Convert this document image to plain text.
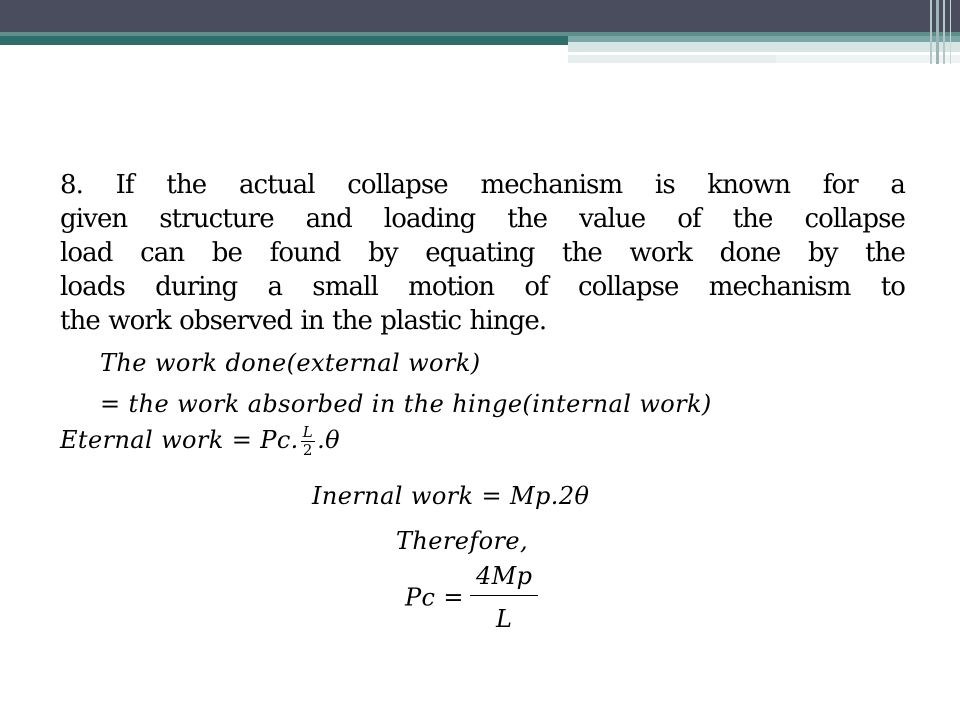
8. If the actual collapse mechanism is known for a
given structure and loading the value of the collapse
load can be found by equating the work done by the
loads during a small motion of collapse mechanism to
the work observed in the plastic hinge.
The work done(external work)
= the work absorbed in the hinge(internal work)
Eternal work = Pc. $\frac{L}{2} .\theta$
Inernal work = Mp.2θ
Therefore,
$Pc = \frac{4Mp}{L}$
